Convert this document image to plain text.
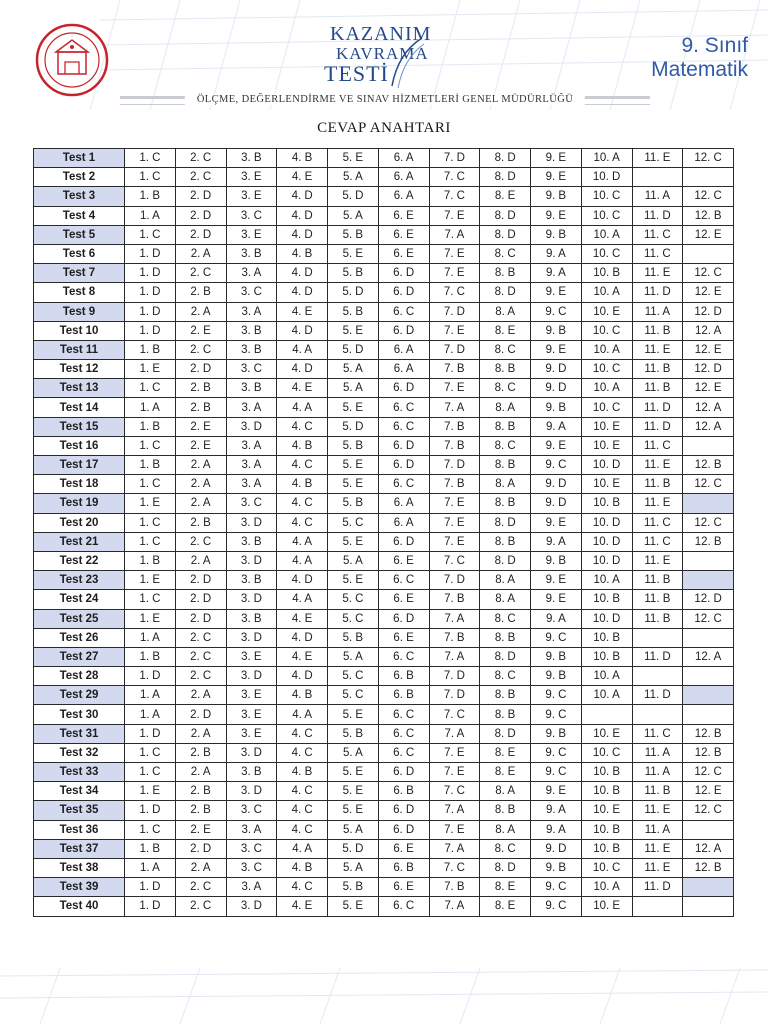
KAZANIM
KAVRAMA
TESTİ
9. Sınıf
Matematik
ÖLÇME, DEĞERLENDİRME VE SINAV HİZMETLERİ GENEL MÜDÜRLÜĞÜ
CEVAP ANAHTARI
Test 1	1. C	2. C	3. B	4. B	5. E	6. A	7. D	8. D	9. E	10. A	11. E	12. C
Test 2	1. C	2. C	3. E	4. E	5. A	6. A	7. C	8. D	9. E	10. D		
Test 3	1. B	2. D	3. E	4. D	5. D	6. A	7. C	8. E	9. B	10. C	11. A	12. C
Test 4	1. A	2. D	3. C	4. D	5. A	6. E	7. E	8. D	9. E	10. C	11. D	12. B
Test 5	1. C	2. D	3. E	4. D	5. B	6. E	7. A	8. D	9. B	10. A	11. C	12. E
Test 6	1. D	2. A	3. B	4. B	5. E	6. E	7. E	8. C	9. A	10. C	11. C	
Test 7	1. D	2. C	3. A	4. D	5. B	6. D	7. E	8. B	9. A	10. B	11. E	12. C
Test 8	1. D	2. B	3. C	4. D	5. D	6. D	7. C	8. D	9. E	10. A	11. D	12. E
Test 9	1. D	2. A	3. A	4. E	5. B	6. C	7. D	8. A	9. C	10. E	11. A	12. D
Test 10	1. D	2. E	3. B	4. D	5. E	6. D	7. E	8. E	9. B	10. C	11. B	12. A
Test 11	1. B	2. C	3. B	4. A	5. D	6. A	7. D	8. C	9. E	10. A	11. E	12. E
Test 12	1. E	2. D	3. C	4. D	5. A	6. A	7. B	8. B	9. D	10. C	11. B	12. D
Test 13	1. C	2. B	3. B	4. E	5. A	6. D	7. E	8. C	9. D	10. A	11. B	12. E
Test 14	1. A	2. B	3. A	4. A	5. E	6. C	7. A	8. A	9. B	10. C	11. D	12. A
Test 15	1. B	2. E	3. D	4. C	5. D	6. C	7. B	8. B	9. A	10. E	11. D	12. A
Test 16	1. C	2. E	3. A	4. B	5. B	6. D	7. B	8. C	9. E	10. E	11. C	
Test 17	1. B	2. A	3. A	4. C	5. E	6. D	7. D	8. B	9. C	10. D	11. E	12. B
Test 18	1. C	2. A	3. A	4. B	5. E	6. C	7. B	8. A	9. D	10. E	11. B	12. C
Test 19	1. E	2. A	3. C	4. C	5. B	6. A	7. E	8. B	9. D	10. B	11. E	
Test 20	1. C	2. B	3. D	4. C	5. C	6. A	7. E	8. D	9. E	10. D	11. C	12. C
Test 21	1. C	2. C	3. B	4. A	5. E	6. D	7. E	8. B	9. A	10. D	11. C	12. B
Test 22	1. B	2. A	3. D	4. A	5. A	6. E	7. C	8. D	9. B	10. D	11. E	
Test 23	1. E	2. D	3. B	4. D	5. E	6. C	7. D	8. A	9. E	10. A	11. B	
Test 24	1. C	2. D	3. D	4. A	5. C	6. E	7. B	8. A	9. E	10. B	11. B	12. D
Test 25	1. E	2. D	3. B	4. E	5. C	6. D	7. A	8. C	9. A	10. D	11. B	12. C
Test 26	1. A	2. C	3. D	4. D	5. B	6. E	7. B	8. B	9. C	10. B		
Test 27	1. B	2. C	3. E	4. E	5. A	6. C	7. A	8. D	9. B	10. B	11. D	12. A
Test 28	1. D	2. C	3. D	4. D	5. C	6. B	7. D	8. C	9. B	10. A		
Test 29	1. A	2. A	3. E	4. B	5. C	6. B	7. D	8. B	9. C	10. A	11. D	
Test 30	1. A	2. D	3. E	4. A	5. E	6. C	7. C	8. B	9. C			
Test 31	1. D	2. A	3. E	4. C	5. B	6. C	7. A	8. D	9. B	10. E	11. C	12. B
Test 32	1. C	2. B	3. D	4. C	5. A	6. C	7. E	8. E	9. C	10. C	11. A	12. B
Test 33	1. C	2. A	3. B	4. B	5. E	6. D	7. E	8. E	9. C	10. B	11. A	12. C
Test 34	1. E	2. B	3. D	4. C	5. E	6. B	7. C	8. A	9. E	10. B	11. B	12. E
Test 35	1. D	2. B	3. C	4. C	5. E	6. D	7. A	8. B	9. A	10. E	11. E	12. C
Test 36	1. C	2. E	3. A	4. C	5. A	6. D	7. E	8. A	9. A	10. B	11. A	
Test 37	1. B	2. D	3. C	4. A	5. D	6. E	7. A	8. C	9. D	10. B	11. E	12. A
Test 38	1. A	2. A	3. C	4. B	5. A	6. B	7. C	8. D	9. B	10. C	11. E	12. B
Test 39	1. D	2. C	3. A	4. C	5. B	6. E	7. B	8. E	9. C	10. A	11. D	
Test 40	1. D	2. C	3. D	4. E	5. E	6. C	7. A	8. E	9. C	10. E		
